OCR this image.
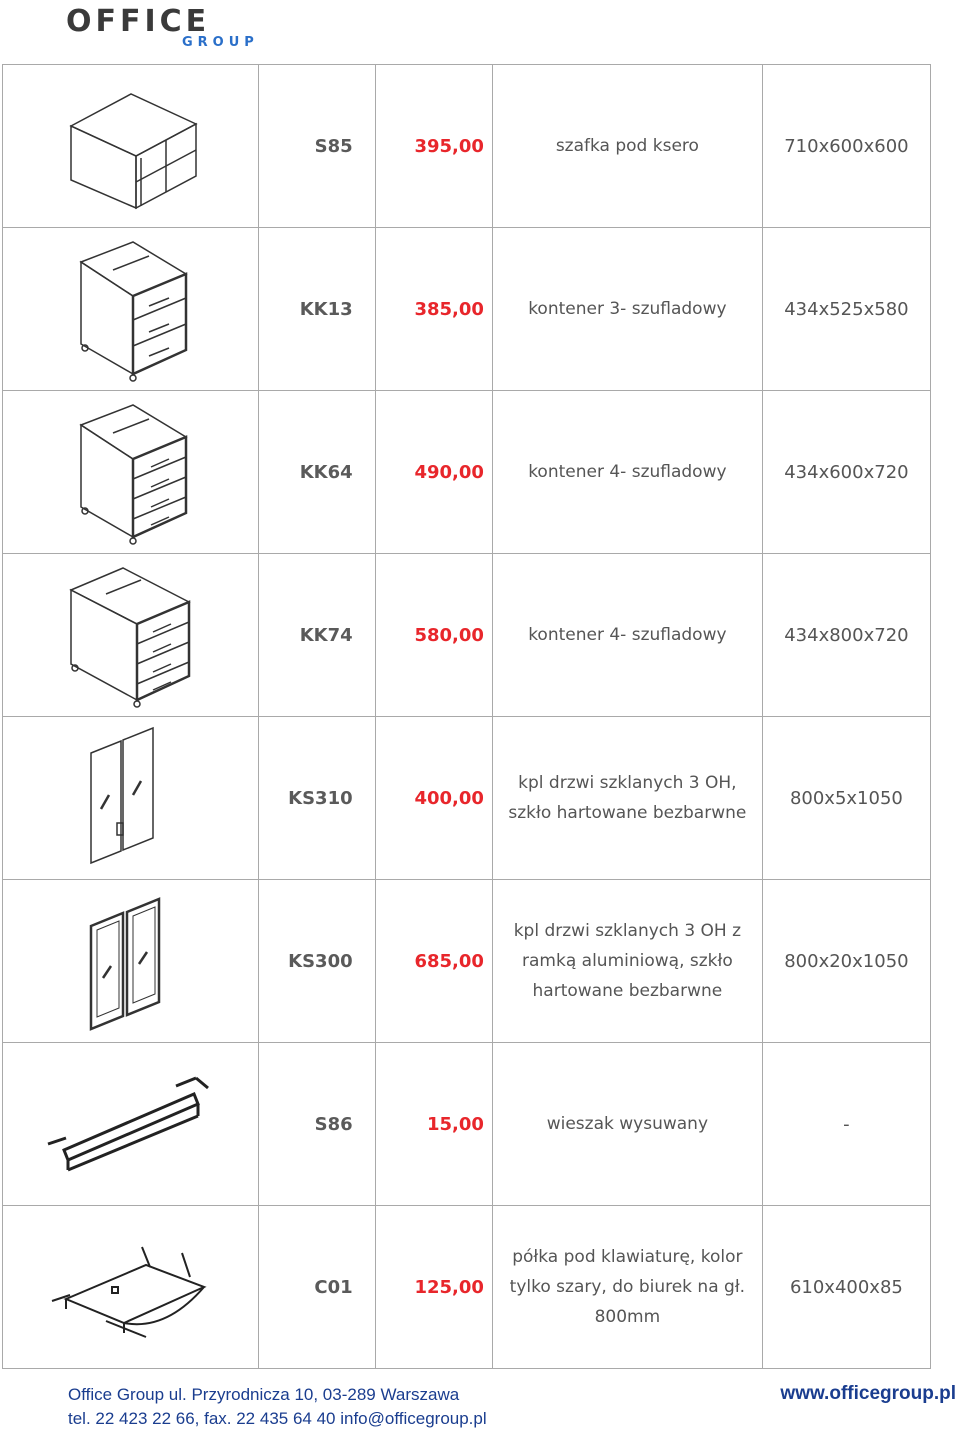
OFFICE
GROUP
	S85	395,00	szafka pod ksero	710x600x600

	KK13	385,00	kontener 3- szufladowy	434x525x580

	KK64	490,00	kontener 4- szufladowy	434x600x720

	KK74	580,00	kontener 4- szufladowy	434x800x720

	KS310	400,00	kpl drzwi szklanych 3 OH,
szkło hartowane bezbarwne	800x5x1050

	KS300	685,00	kpl drzwi szklanych 3 OH z
ramką aluminiową, szkło
hartowane bezbarwne	800x20x1050

	S86	15,00	wieszak wysuwany	-

	C01	125,00	półka pod klawiaturę, kolor
tylko szary, do biurek na gł.
800mm	610x400x85
Office Group ul. Przyrodnicza 10, 03-289 Warszawa
tel. 22 423 22 66, fax. 22 435 64 40 info@officegroup.pl
www.officegroup.pl
